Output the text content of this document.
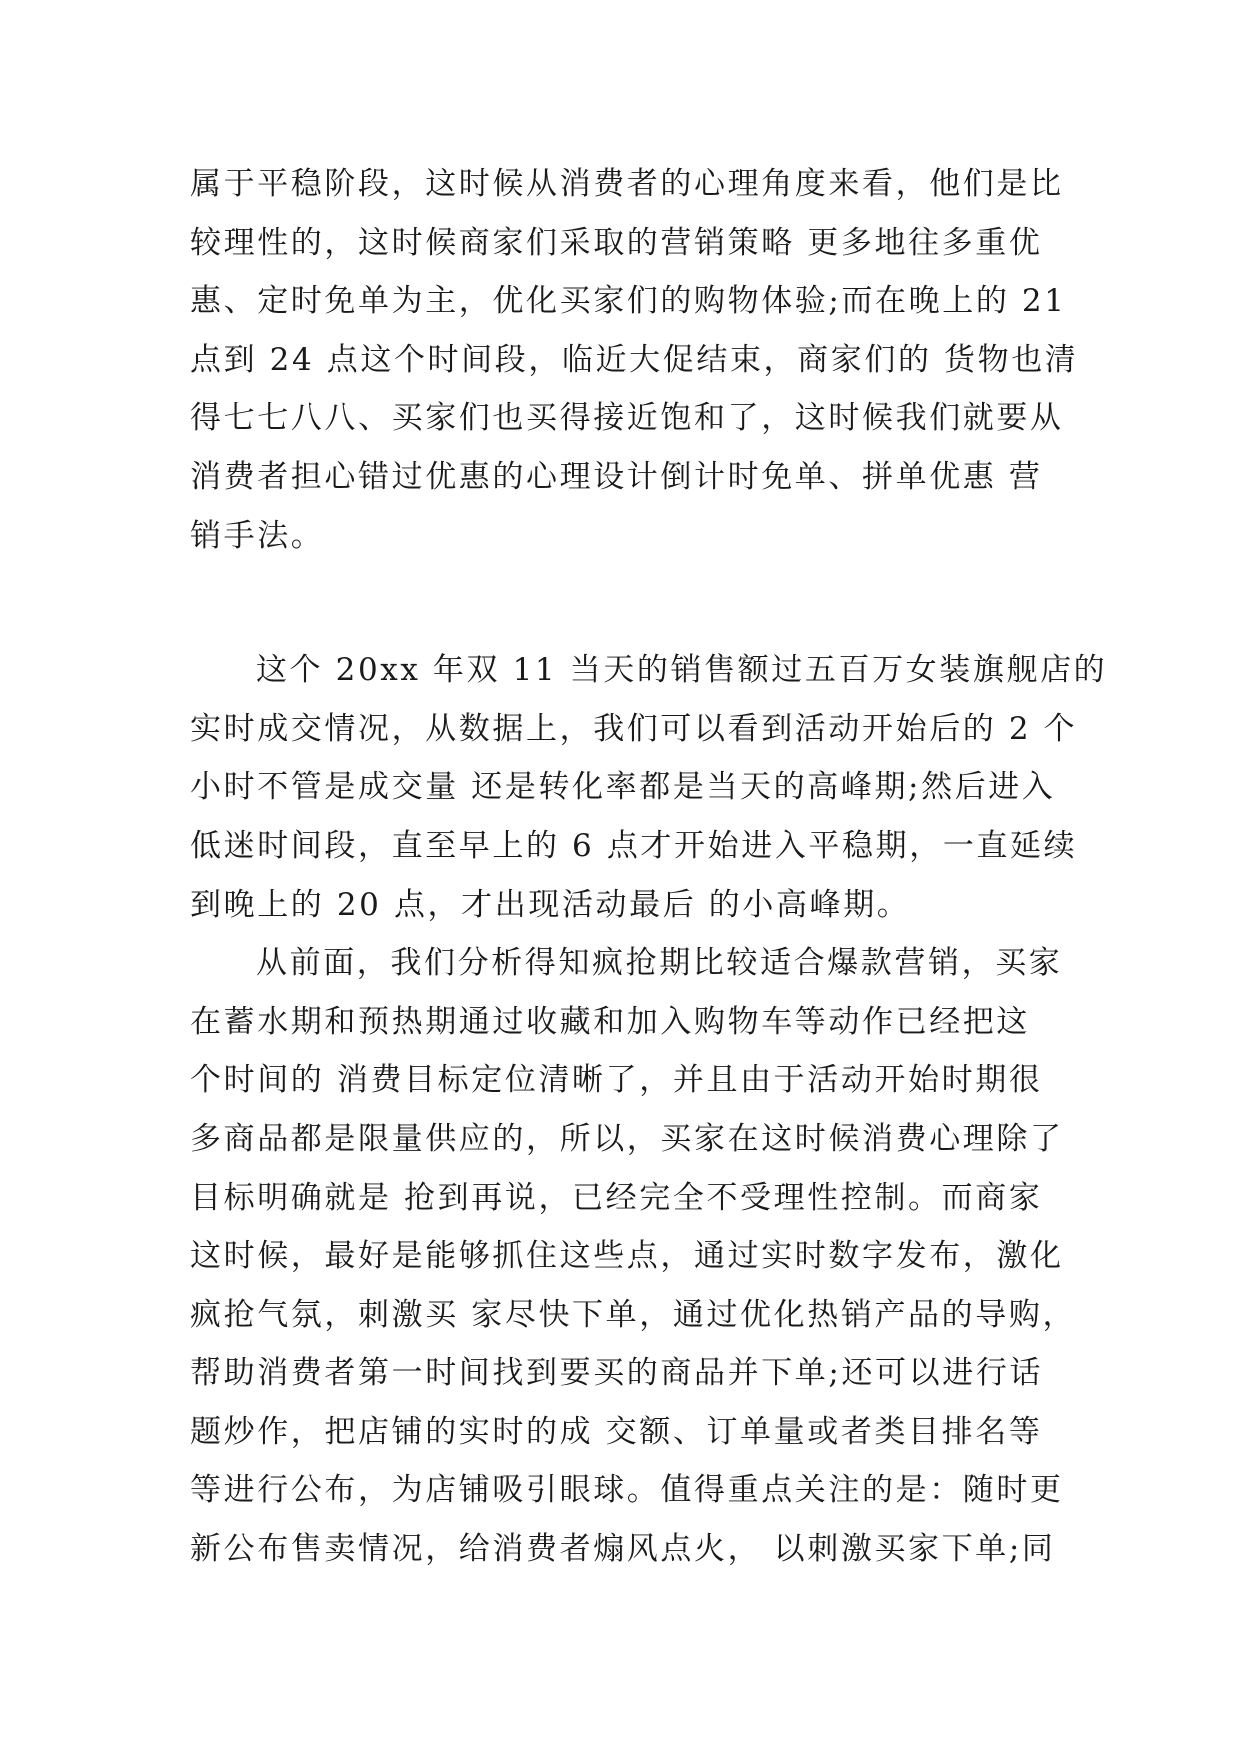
属于平稳阶段，这时候从消费者的心理角度来看，他们是比
较理性的，这时候商家们采取的营销策略 更多地往多重优
惠、定时免单为主，优化买家们的购物体验;而在晚上的 21
点到 24 点这个时间段，临近大促结束，商家们的 货物也清
得七七八八、买家们也买得接近饱和了，这时候我们就要从
消费者担心错过优惠的心理设计倒计时免单、拼单优惠 营
销手法。
这个 20xx 年双 11 当天的销售额过五百万女装旗舰店的
实时成交情况，从数据上，我们可以看到活动开始后的 2 个
小时不管是成交量 还是转化率都是当天的高峰期;然后进入
低迷时间段，直至早上的 6 点才开始进入平稳期，一直延续
到晚上的 20 点，才出现活动最后 的小高峰期。
从前面，我们分析得知疯抢期比较适合爆款营销，买家
在蓄水期和预热期通过收藏和加入购物车等动作已经把这
个时间的 消费目标定位清晰了，并且由于活动开始时期很
多商品都是限量供应的，所以，买家在这时候消费心理除了
目标明确就是 抢到再说，已经完全不受理性控制。而商家
这时候，最好是能够抓住这些点，通过实时数字发布，激化
疯抢气氛，刺激买 家尽快下单，通过优化热销产品的导购，
帮助消费者第一时间找到要买的商品并下单;还可以进行话
题炒作，把店铺的实时的成 交额、订单量或者类目排名等
等进行公布，为店铺吸引眼球。值得重点关注的是：随时更
新公布售卖情况，给消费者煽风点火， 以刺激买家下单;同
